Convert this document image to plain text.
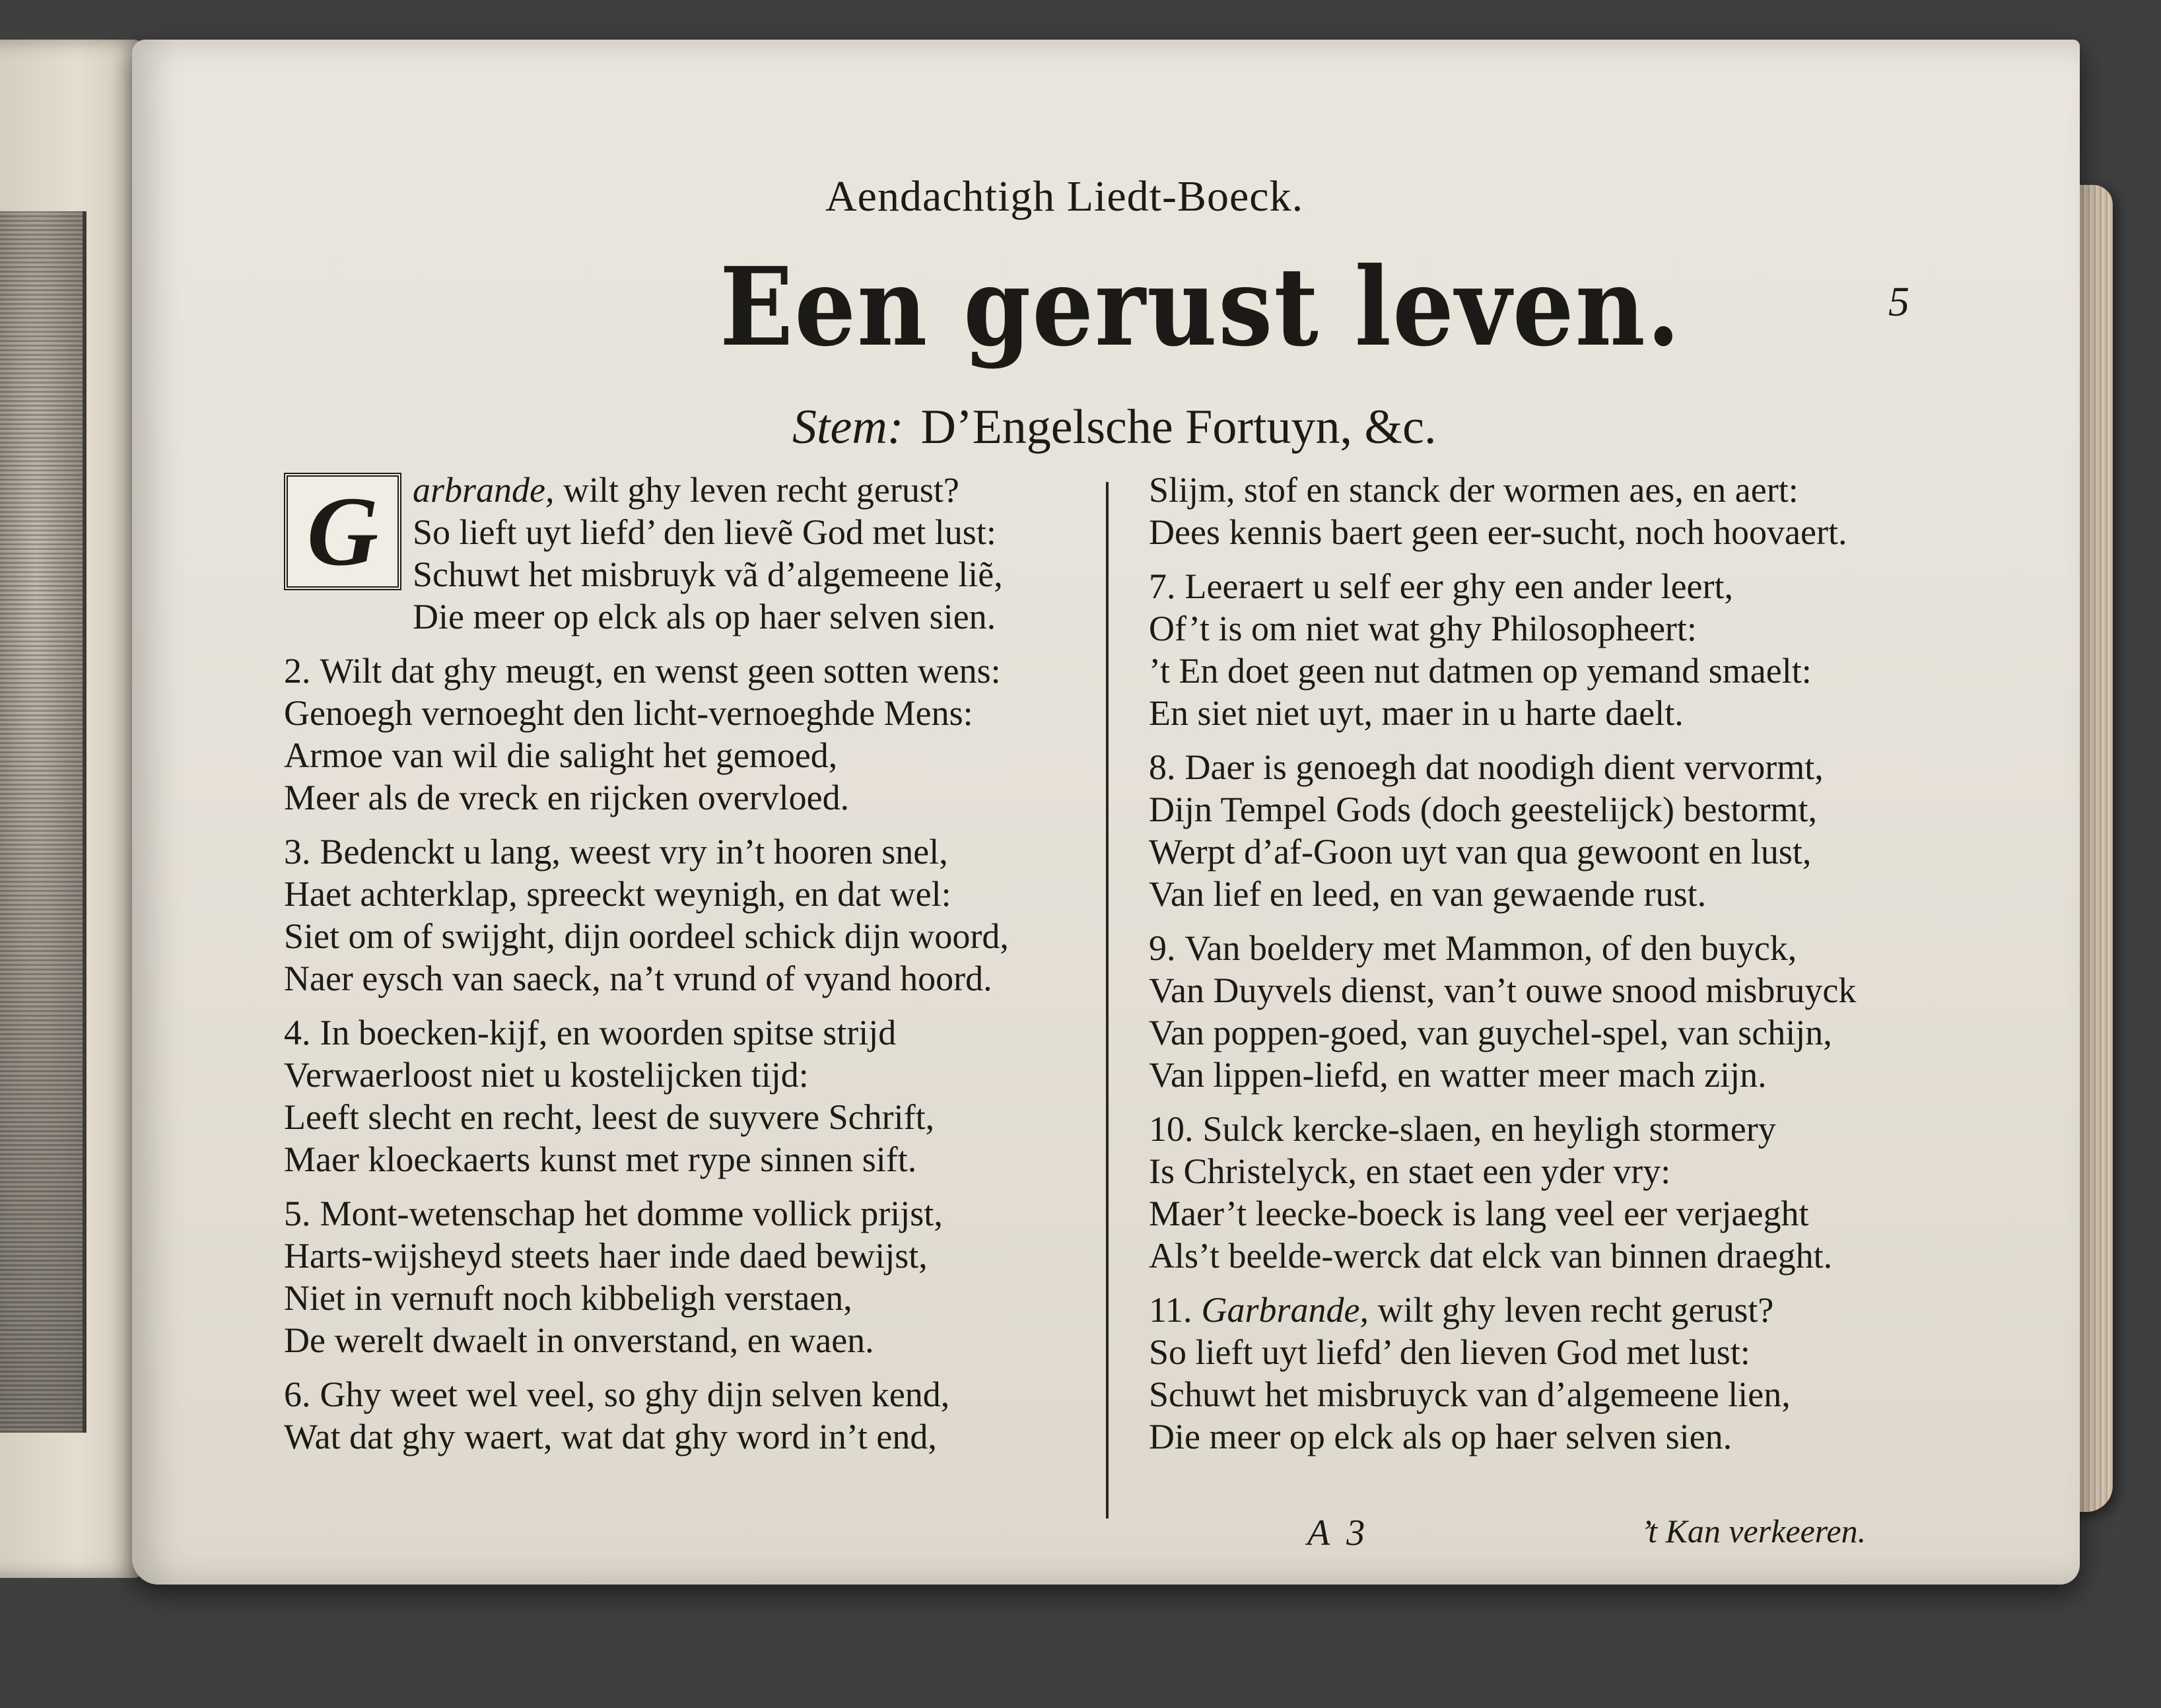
Aendachtigh Liedt-Boeck.
5
Een gerust leven.
Stem: D’Engelsche Fortuyn, &c.
G arbrande, wilt ghy leven recht gerust?
So lieft uyt liefd’ den lievẽ God met lust:
Schuwt het misbruyk vã d’algemeene liẽ,
Die meer op elck als op haer selven sien.
2. Wilt dat ghy meugt, en wenst geen sotten wens:
Genoegh vernoeght den licht-vernoeghde Mens:
Armoe van wil die salight het gemoed,
Meer als de vreck en rijcken overvloed.
3. Bedenckt u lang, weest vry in’t hooren snel,
Haet achterklap, spreeckt weynigh, en dat wel:
Siet om of swijght, dijn oordeel schick dijn woord,
Naer eysch van saeck, na’t vrund of vyand hoord.
4. In boecken-kijf, en woorden spitse strijd
Verwaerloost niet u kostelijcken tijd:
Leeft slecht en recht, leest de suyvere Schrift,
Maer kloeckaerts kunst met rype sinnen sift.
5. Mont-wetenschap het domme vollick prijst,
Harts-wijsheyd steets haer inde daed bewijst,
Niet in vernuft noch kibbeligh verstaen,
De werelt dwaelt in onverstand, en waen.
6. Ghy weet wel veel, so ghy dijn selven kend,
Wat dat ghy waert, wat dat ghy word in’t end,
Slijm, stof en stanck der wormen aes, en aert:
Dees kennis baert geen eer-sucht, noch hoovaert.
7. Leeraert u self eer ghy een ander leert,
Of’t is om niet wat ghy Philosopheert:
’t En doet geen nut datmen op yemand smaelt:
En siet niet uyt, maer in u harte daelt.
8. Daer is genoegh dat noodigh dient vervormt,
Dijn Tempel Gods (doch geestelijck) bestormt,
Werpt d’af-Goon uyt van qua gewoont en lust,
Van lief en leed, en van gewaende rust.
9. Van boeldery met Mammon, of den buyck,
Van Duyvels dienst, van’t ouwe snood misbruyck
Van poppen-goed, van guychel-spel, van schijn,
Van lippen-liefd, en watter meer mach zijn.
10. Sulck kercke-slaen, en heyligh stormery
Is Christelyck, en staet een yder vry:
Maer’t leecke-boeck is lang veel eer verjaeght
Als’t beelde-werck dat elck van binnen draeght.
11. Garbrande, wilt ghy leven recht gerust?
So lieft uyt liefd’ den lieven God met lust:
Schuwt het misbruyck van d’algemeene lien,
Die meer op elck als op haer selven sien.
A 3	’t Kan verkeeren.
